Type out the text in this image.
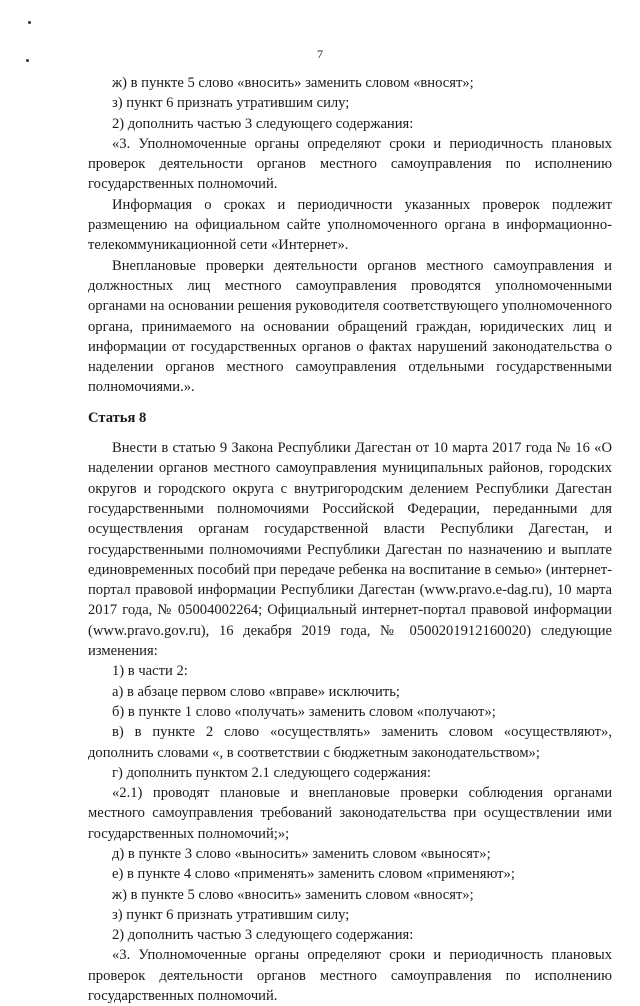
7

ж) в пункте 5 слово «вносить» заменить словом «вносят»;

з) пункт 6 признать утратившим силу;

2) дополнить частью 3 следующего содержания:

«3. Уполномоченные органы определяют сроки и периодичность плановых проверок деятельности органов местного самоуправления по исполнению государственных полномочий.

Информация о сроках и периодичности указанных проверок подлежит размещению на официальном сайте уполномоченного органа в информационно-телекоммуникационной сети «Интернет».

Внеплановые проверки деятельности органов местного самоуправления и должностных лиц местного самоуправления проводятся уполномоченными органами на основании решения руководителя соответствующего уполномоченного органа, принимаемого на основании обращений граждан, юридических лиц и информации от государственных органов о фактах нарушений законодательства о наделении органов местного самоуправления отдельными государственными полномочиями.».

Статья 8

Внести в статью 9 Закона Республики Дагестан от 10 марта 2017 года № 16 «О наделении органов местного самоуправления муниципальных районов, городских округов и городского округа с внутригородским делением Республики Дагестан государственными полномочиями Российской Федерации, переданными для осуществления органам государственной власти Республики Дагестан, и государственными полномочиями Республики Дагестан по назначению и выплате единовременных пособий при передаче ребенка на воспитание в семью» (интернет-портал правовой информации Республики Дагестан (www.pravo.e-dag.ru), 10 марта 2017 года, № 05004002264; Официальный интернет-портал правовой информации (www.pravo.gov.ru), 16 декабря 2019 года, № 0500201912160020) следующие изменения:

1) в части 2:

а) в абзаце первом слово «вправе» исключить;

б) в пункте 1 слово «получать» заменить словом «получают»;

в) в пункте 2 слово «осуществлять» заменить словом «осуществляют», дополнить словами «, в соответствии с бюджетным законодательством»;

г) дополнить пунктом 2.1 следующего содержания:

«2.1) проводят плановые и внеплановые проверки соблюдения органами местного самоуправления требований законодательства при осуществлении ими государственных полномочий;»;

д) в пункте 3 слово «выносить» заменить словом «выносят»;

е) в пункте 4 слово «применять» заменить словом «применяют»;

ж) в пункте 5 слово «вносить» заменить словом «вносят»;

з) пункт 6 признать утратившим силу;

2) дополнить частью 3 следующего содержания:

«3. Уполномоченные органы определяют сроки и периодичность плановых проверок деятельности органов местного самоуправления по исполнению государственных полномочий.
